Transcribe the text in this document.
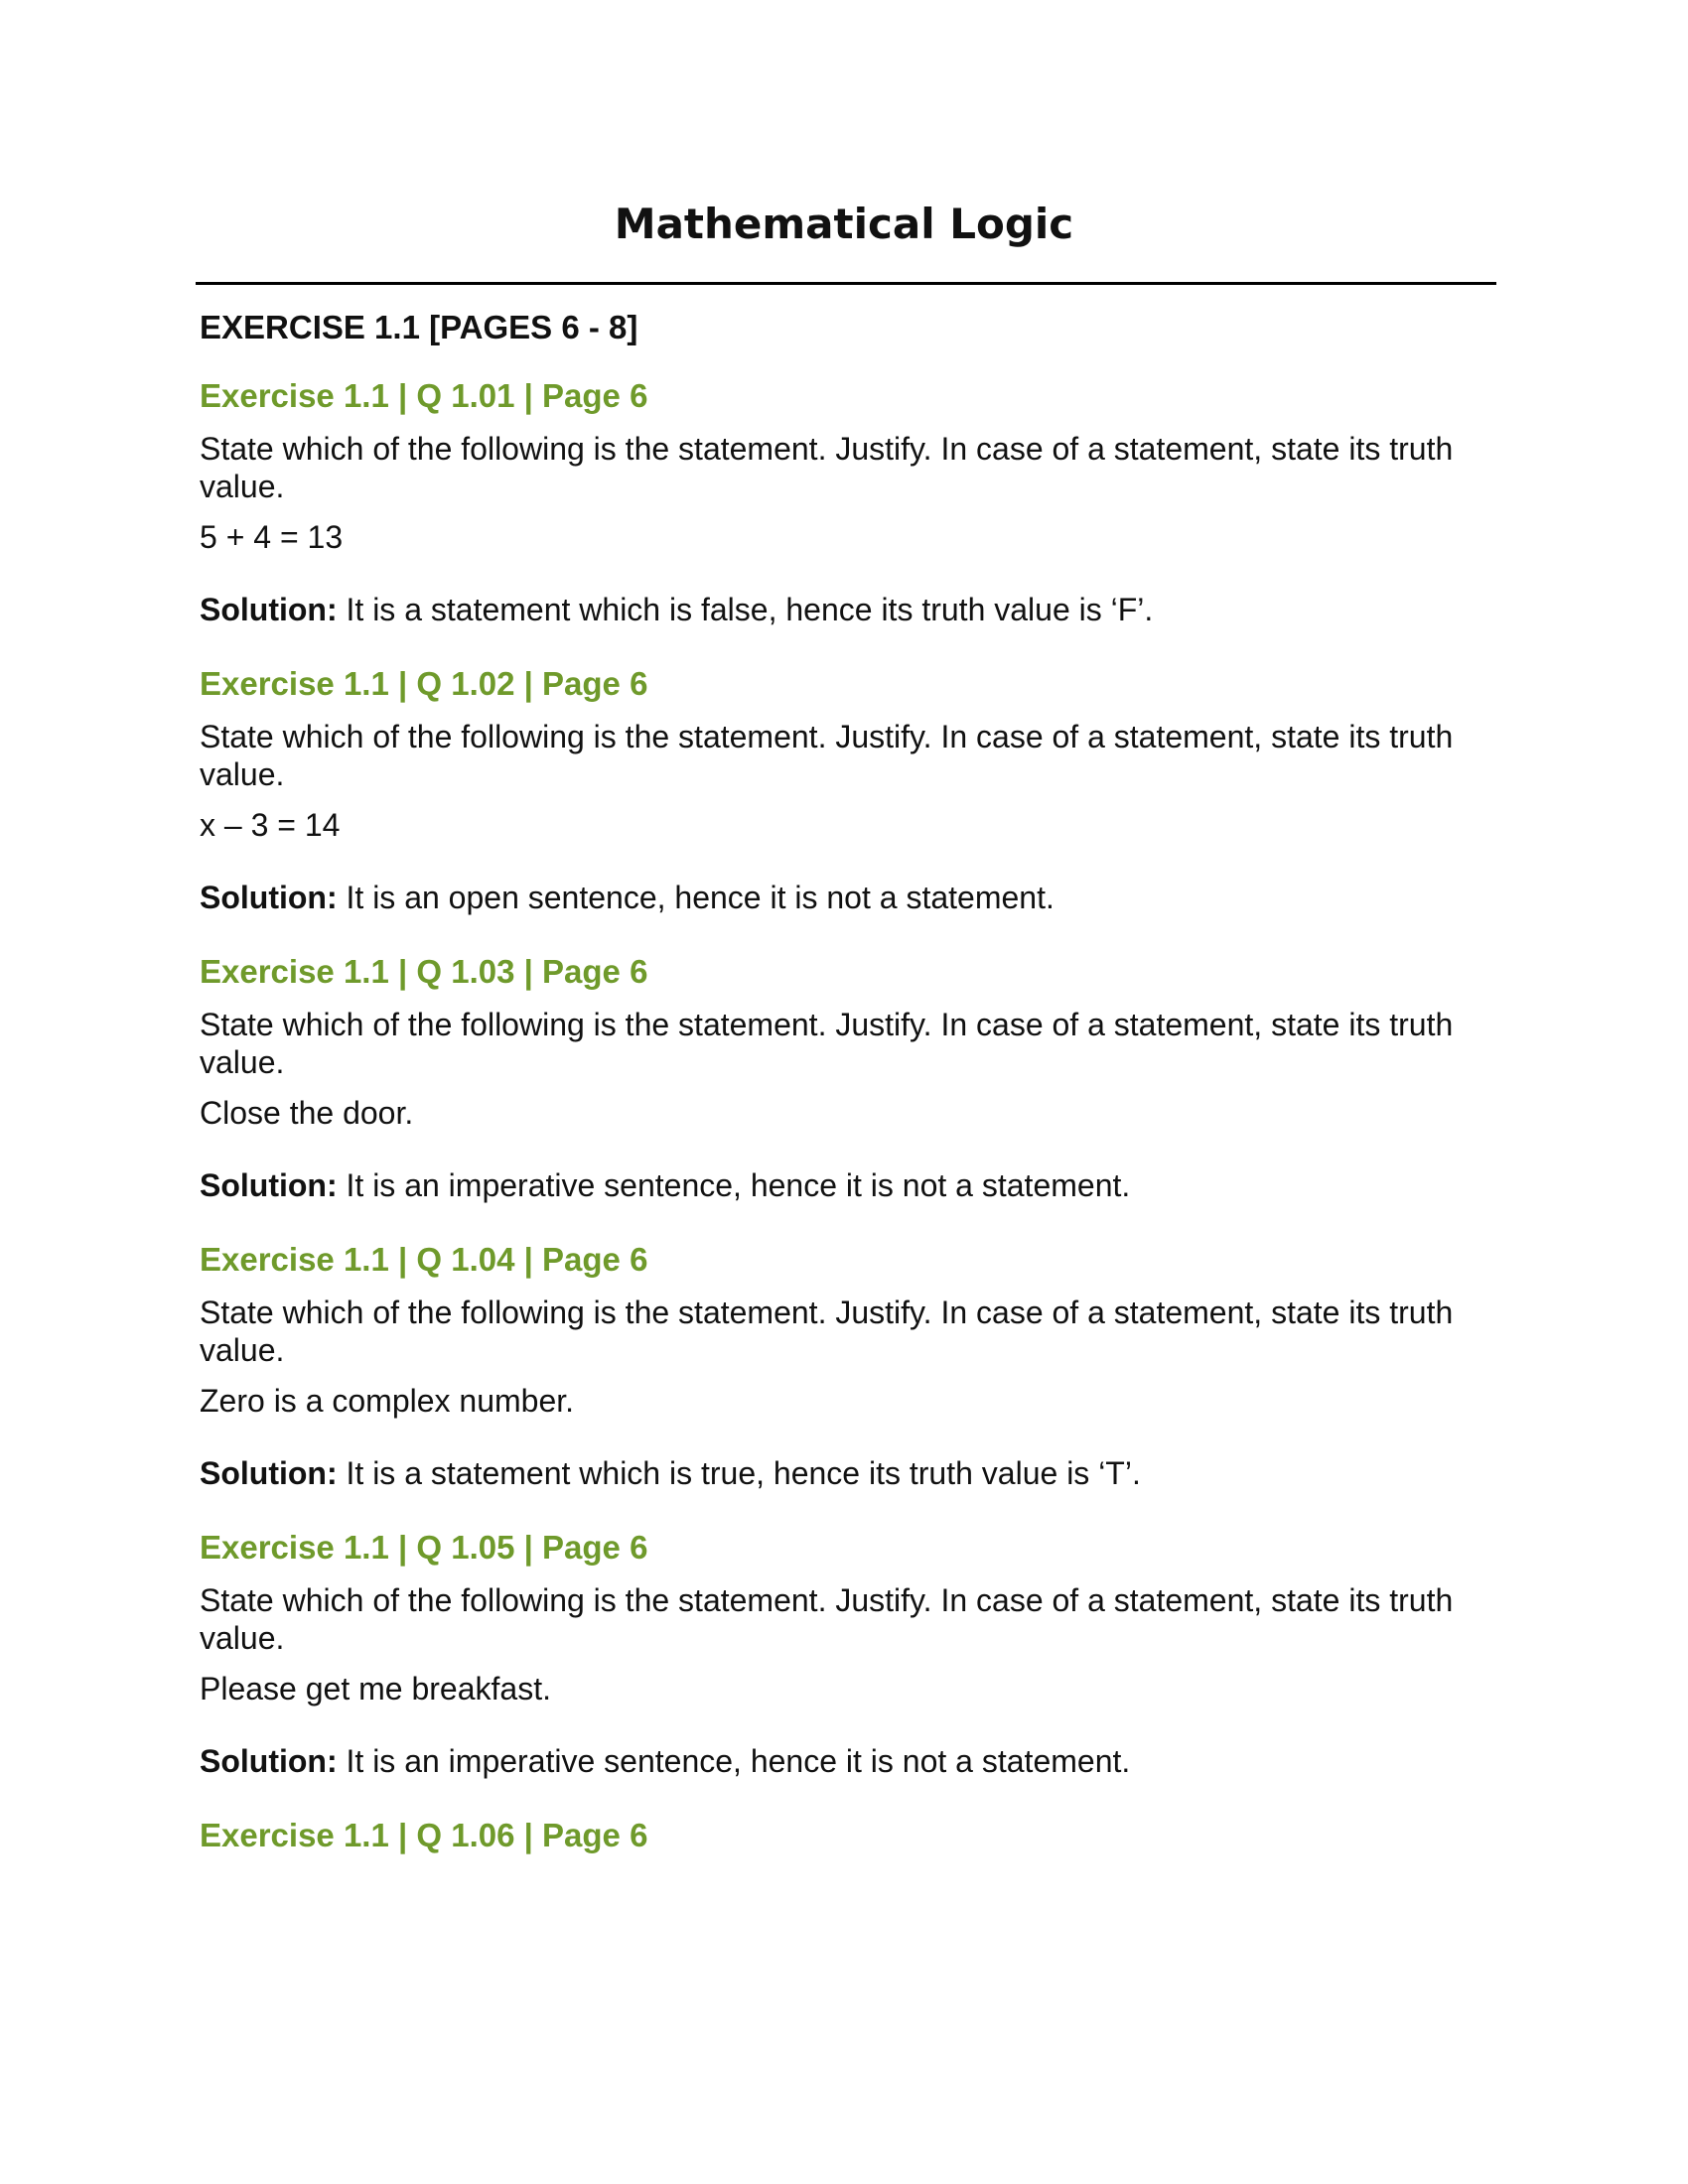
Mathematical Logic
EXERCISE 1.1 [PAGES 6 - 8]
Exercise 1.1 | Q 1.01 | Page 6
State which of the following is the statement. Justify. In case of a statement, state its truth value.
5 + 4 = 13
Solution: It is a statement which is false, hence its truth value is ‘F’.
Exercise 1.1 | Q 1.02 | Page 6
State which of the following is the statement. Justify. In case of a statement, state its truth value.
x – 3 = 14
Solution: It is an open sentence, hence it is not a statement.
Exercise 1.1 | Q 1.03 | Page 6
State which of the following is the statement. Justify. In case of a statement, state its truth value.
Close the door.
Solution: It is an imperative sentence, hence it is not a statement.
Exercise 1.1 | Q 1.04 | Page 6
State which of the following is the statement. Justify. In case of a statement, state its truth value.
Zero is a complex number.
Solution: It is a statement which is true, hence its truth value is ‘T’.
Exercise 1.1 | Q 1.05 | Page 6
State which of the following is the statement. Justify. In case of a statement, state its truth value.
Please get me breakfast.
Solution: It is an imperative sentence, hence it is not a statement.
Exercise 1.1 | Q 1.06 | Page 6
